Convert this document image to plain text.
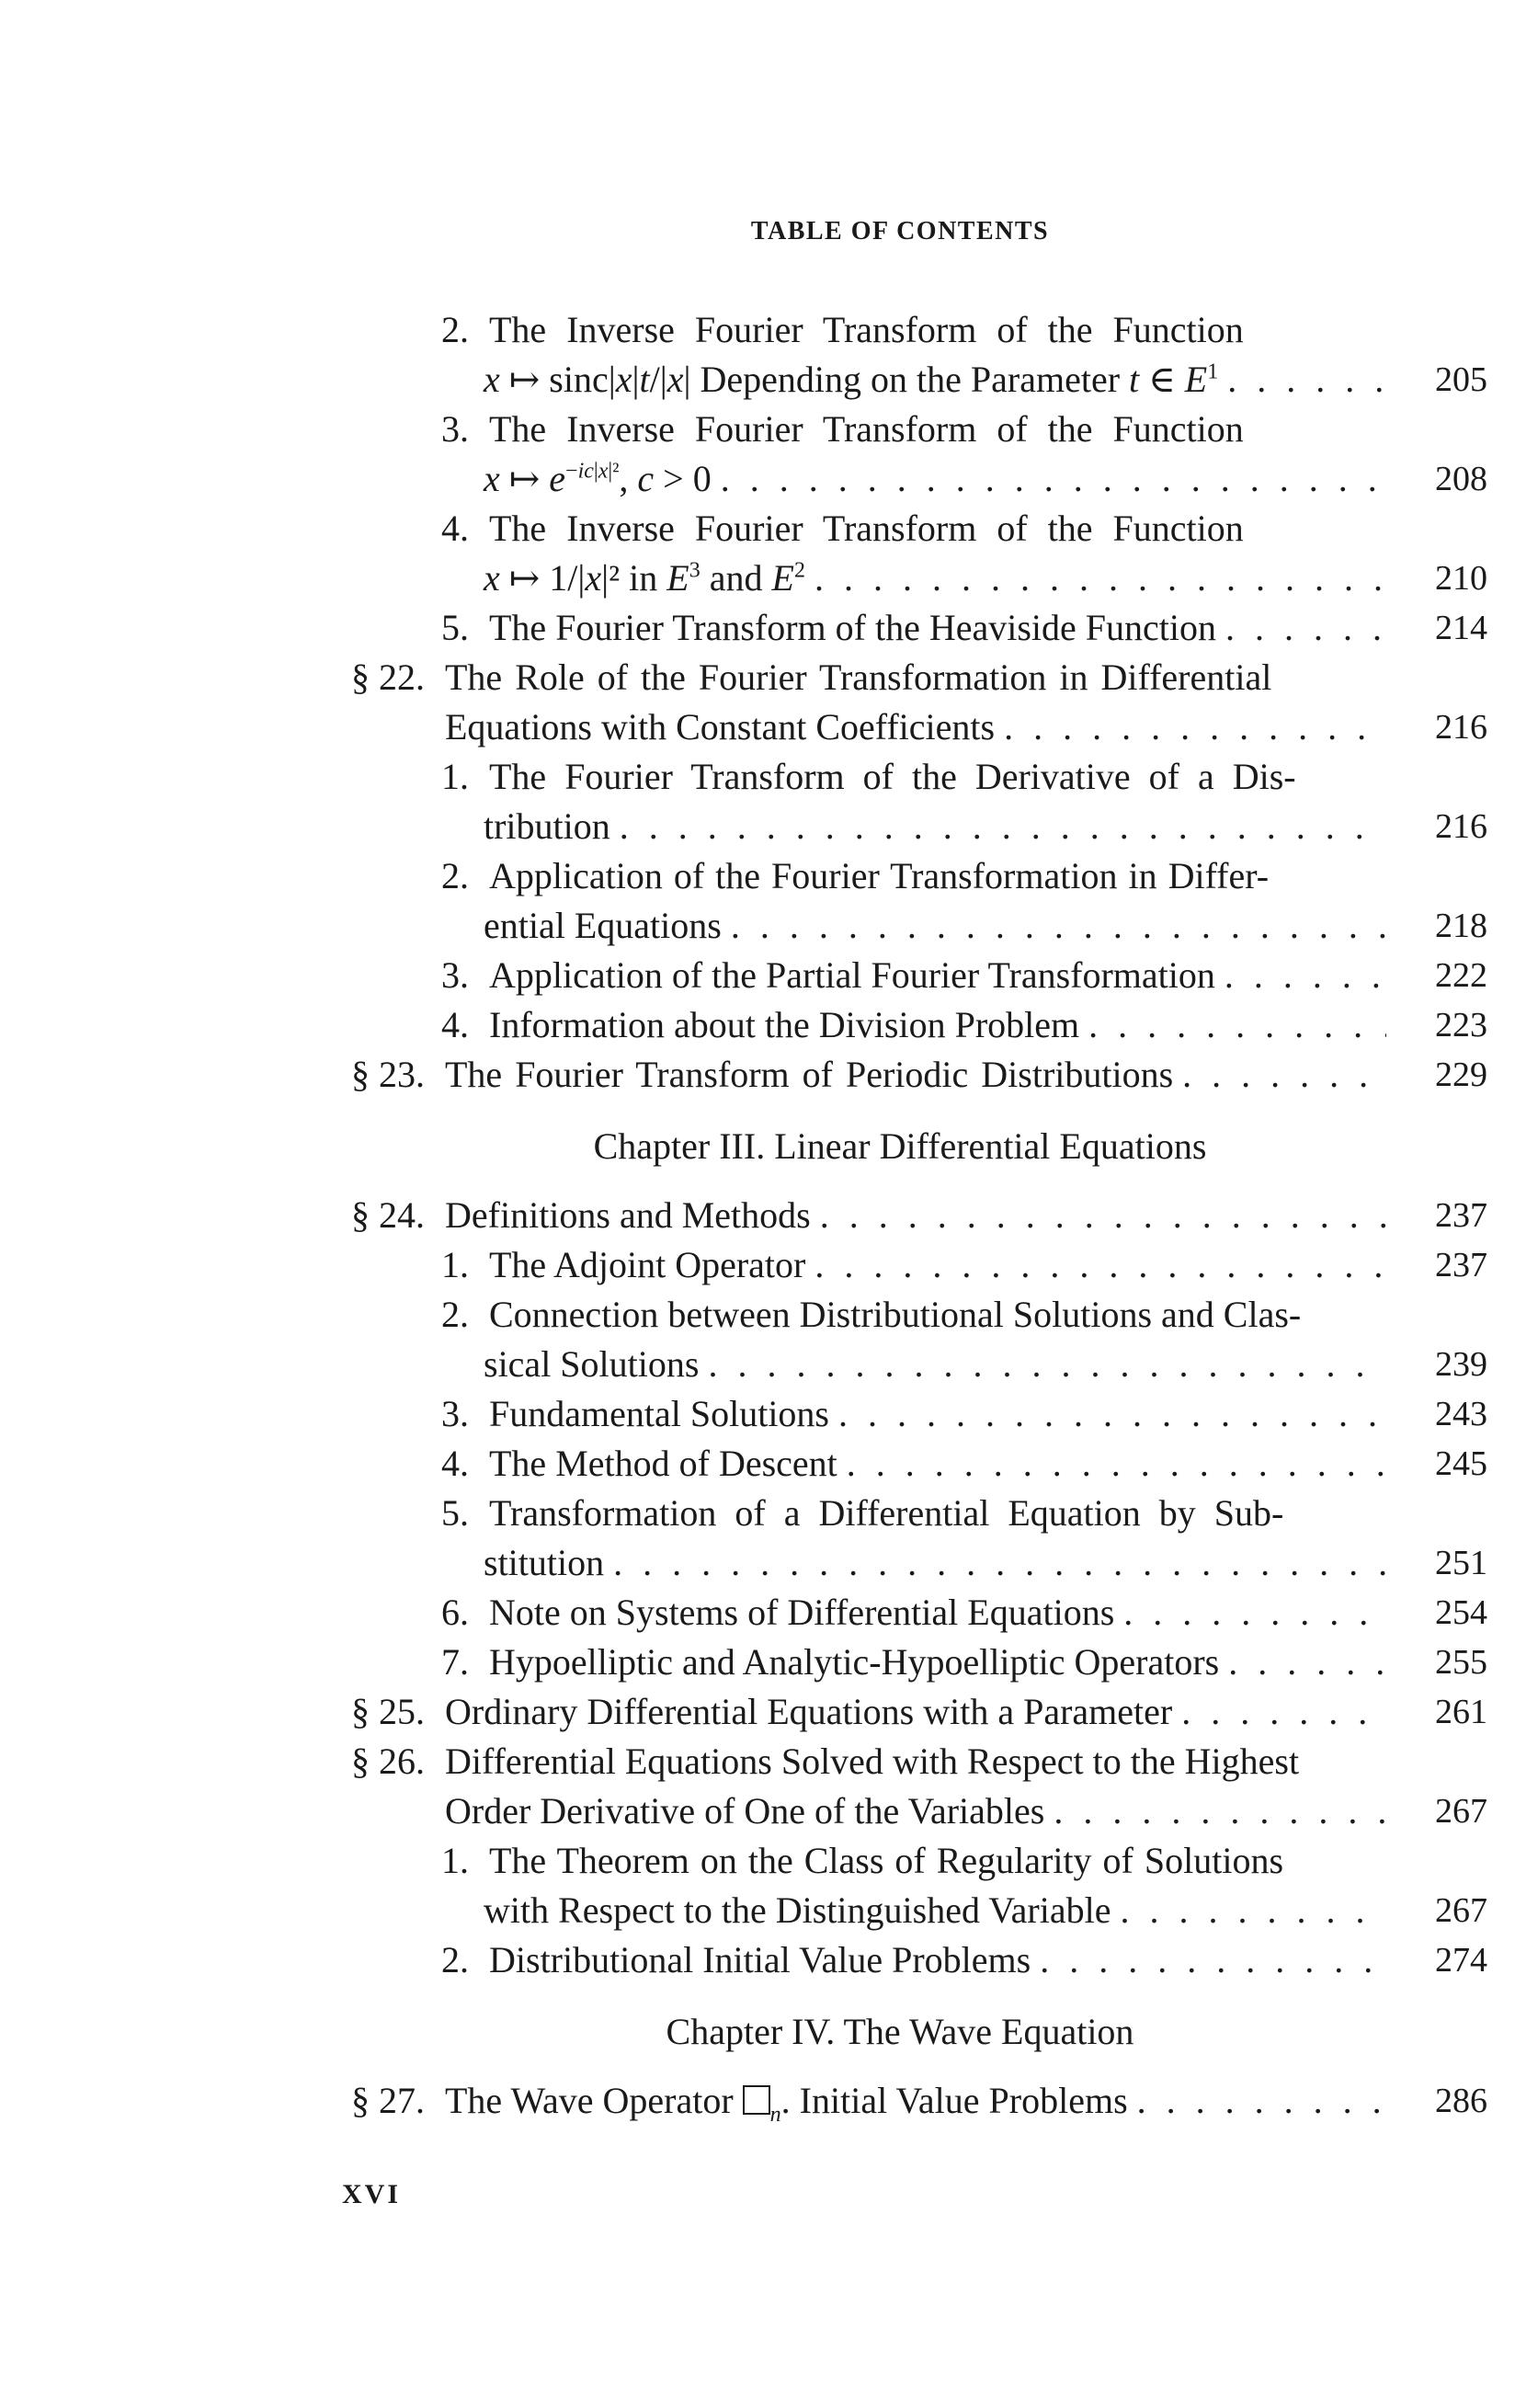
TABLE OF CONTENTS
2. The Inverse Fourier Transform of the Function
x ↦ sinc|x|t/|x| Depending on the Parameter t ∈ $E^1$ . . .	205
3. The Inverse Fourier Transform of the Function
x ↦ $e^{-ic|x|^2}$, c > 0 . . .	208
4. The Inverse Fourier Transform of the Function
x ↦ 1/|x|² in $E^3$ and $E^2$ . . .	210
5. The Fourier Transform of the Heaviside Function . . .	214
§ 22. The Role of the Fourier Transformation in Differential
Equations with Constant Coefficients . . .	216
1. The Fourier Transform of the Derivative of a Dis-
tribution . . .	216
2. Application of the Fourier Transformation in Differ-
ential Equations . . .	218
3. Application of the Partial Fourier Transformation . . .	222
4. Information about the Division Problem . . .	223
§ 23. The Fourier Transform of Periodic Distributions . . .	229
Chapter III. Linear Differential Equations
§ 24. Definitions and Methods . . .	237
1. The Adjoint Operator . . .	237
2. Connection between Distributional Solutions and Clas-
sical Solutions . . .	239
3. Fundamental Solutions . . .	243
4. The Method of Descent . . .	245
5. Transformation of a Differential Equation by Sub-
stitution . . .	251
6. Note on Systems of Differential Equations . . .	254
7. Hypoelliptic and Analytic-Hypoelliptic Operators . . .	255
§ 25. Ordinary Differential Equations with a Parameter . . .	261
§ 26. Differential Equations Solved with Respect to the Highest
Order Derivative of One of the Variables . . .	267
1. The Theorem on the Class of Regularity of Solutions
with Respect to the Distinguished Variable . . .	267
2. Distributional Initial Value Problems . . .	274
Chapter IV. The Wave Equation
§ 27. The Wave Operator $_n$. Initial Value Problems . . .	286
XVI
